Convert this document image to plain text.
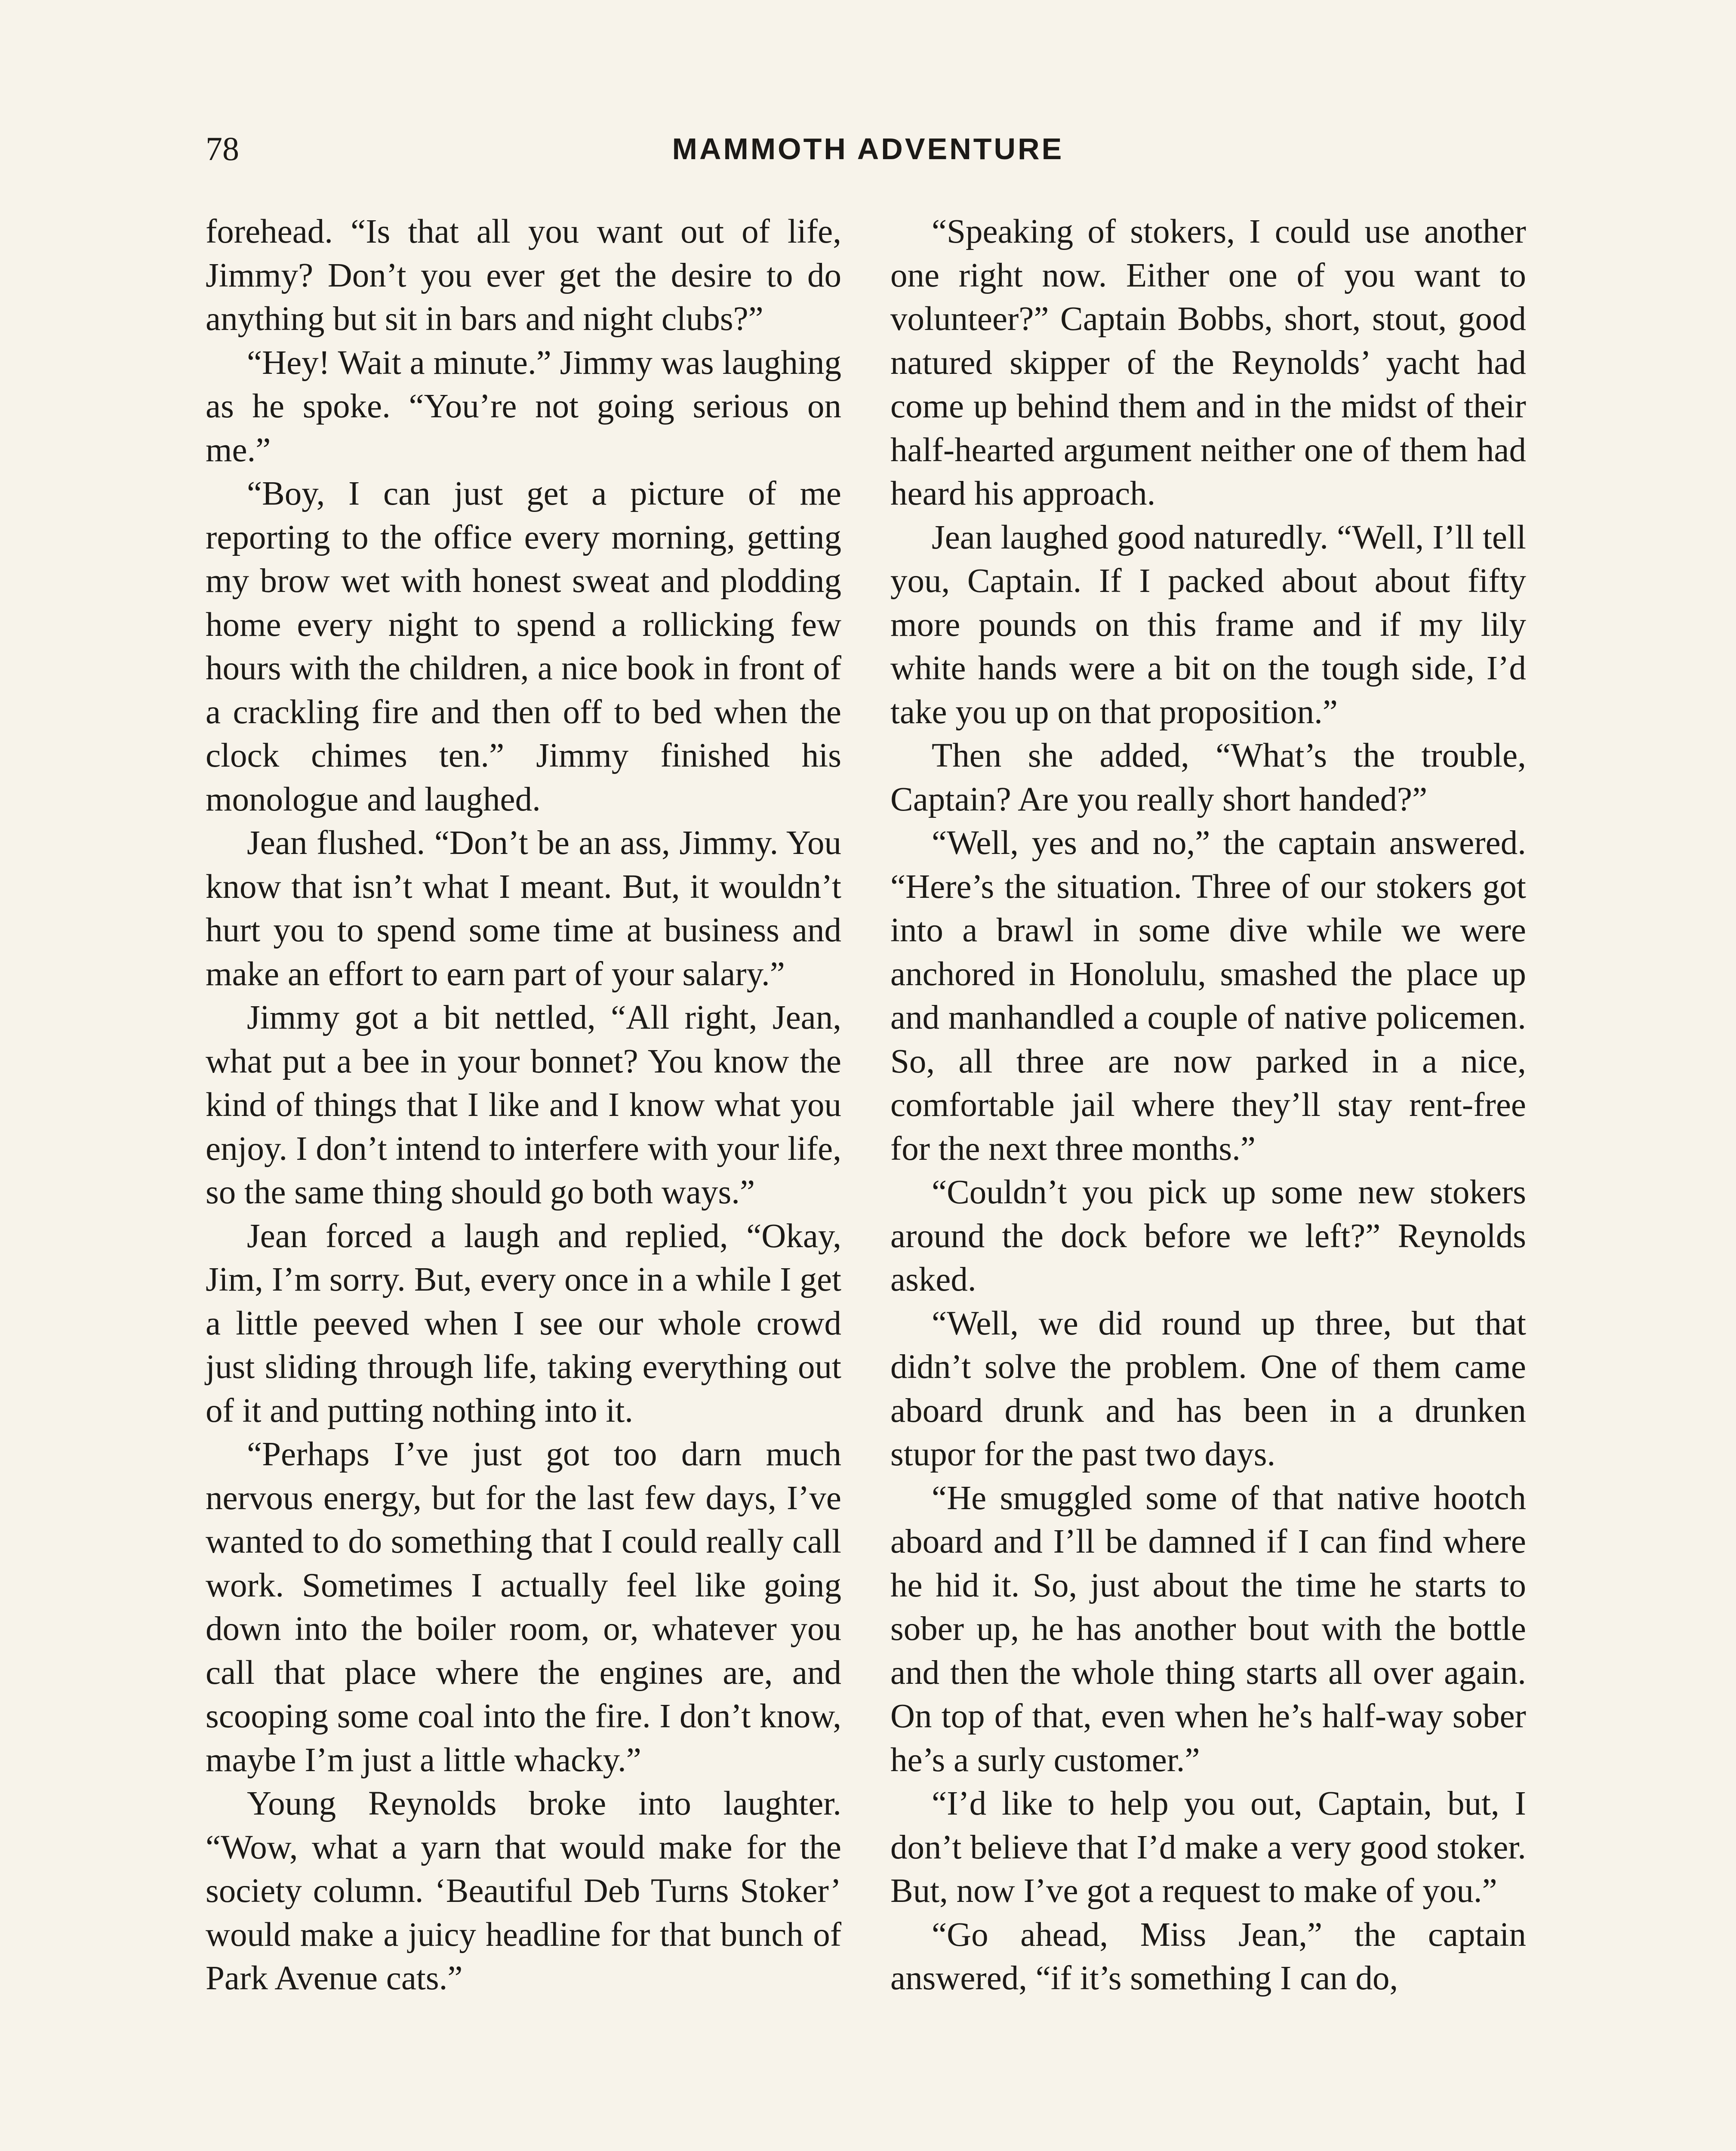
78	MAMMOTH ADVENTURE

forehead. “Is that all you want out of life, Jimmy? Don’t you ever get the desire to do anything but sit in bars and night clubs?”

“Hey! Wait a minute.” Jimmy was laughing as he spoke. “You’re not going serious on me.”

“Boy, I can just get a picture of me reporting to the office every morning, getting my brow wet with honest sweat and plodding home every night to spend a rollicking few hours with the children, a nice book in front of a crackling fire and then off to bed when the clock chimes ten.” Jimmy finished his monologue and laughed.

Jean flushed. “Don’t be an ass, Jimmy. You know that isn’t what I meant. But, it wouldn’t hurt you to spend some time at business and make an effort to earn part of your salary.”

Jimmy got a bit nettled, “All right, Jean, what put a bee in your bonnet? You know the kind of things that I like and I know what you enjoy. I don’t intend to interfere with your life, so the same thing should go both ways.”

Jean forced a laugh and replied, “Okay, Jim, I’m sorry. But, every once in a while I get a little peeved when I see our whole crowd just sliding through life, taking everything out of it and putting nothing into it.

“Perhaps I’ve just got too darn much nervous energy, but for the last few days, I’ve wanted to do something that I could really call work. Sometimes I actually feel like going down into the boiler room, or, whatever you call that place where the engines are, and scooping some coal into the fire. I don’t know, maybe I’m just a little whacky.”

Young Reynolds broke into laughter. “Wow, what a yarn that would make for the society column. ‘Beautiful Deb Turns Stoker’ would make a juicy headline for that bunch of Park Avenue cats.”

“Speaking of stokers, I could use another one right now. Either one of you want to volunteer?” Captain Bobbs, short, stout, good natured skipper of the Reynolds’ yacht had come up behind them and in the midst of their half-hearted argument neither one of them had heard his approach.

Jean laughed good naturedly. “Well, I’ll tell you, Captain. If I packed about about fifty more pounds on this frame and if my lily white hands were a bit on the tough side, I’d take you up on that proposition.”

Then she added, “What’s the trouble, Captain? Are you really short handed?”

“Well, yes and no,” the captain answered. “Here’s the situation. Three of our stokers got into a brawl in some dive while we were anchored in Honolulu, smashed the place up and manhandled a couple of native policemen. So, all three are now parked in a nice, comfortable jail where they’ll stay rent-free for the next three months.”

“Couldn’t you pick up some new stokers around the dock before we left?” Reynolds asked.

“Well, we did round up three, but that didn’t solve the problem. One of them came aboard drunk and has been in a drunken stupor for the past two days.

“He smuggled some of that native hootch aboard and I’ll be damned if I can find where he hid it. So, just about the time he starts to sober up, he has another bout with the bottle and then the whole thing starts all over again. On top of that, even when he’s half-way sober he’s a surly customer.”

“I’d like to help you out, Captain, but, I don’t believe that I’d make a very good stoker. But, now I’ve got a request to make of you.”

“Go ahead, Miss Jean,” the captain answered, “if it’s something I can do,
